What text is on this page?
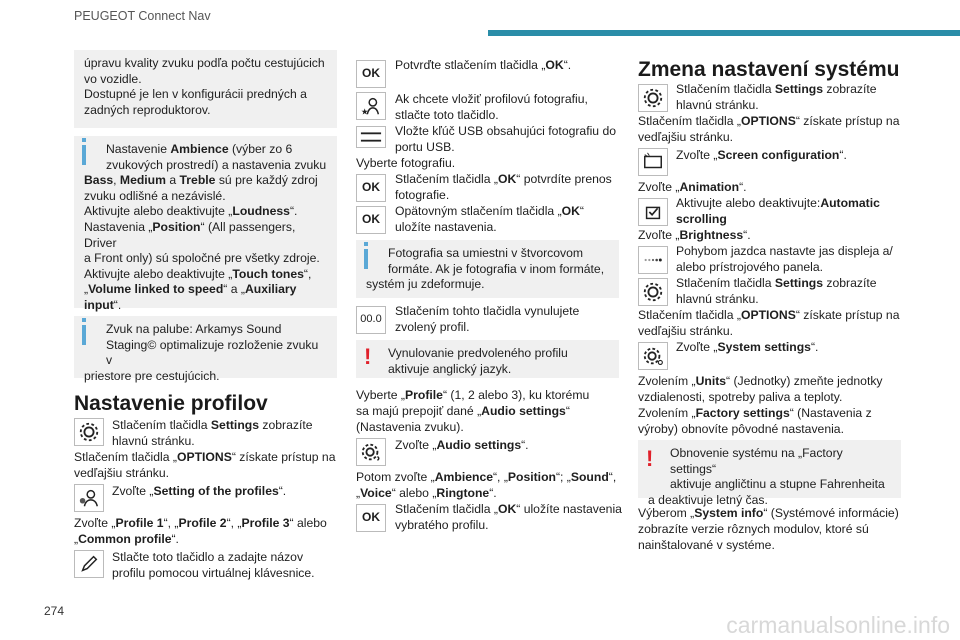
PEUGEOT Connect Nav
úpravu kvality zvuku podľa počtu cestujúcich
vo vozidle.
Dostupné je len v konfigurácii predných a
zadných reproduktorov.
Nastavenie Ambience (výber zo 6
zvukových prostredí) a nastavenia zvuku
Bass, Medium a Treble sú pre každý zdroj
zvuku odlišné a nezávislé.
Aktivujte alebo deaktivujte „Loudness“.
Nastavenia „Position“ (All passengers, Driver
a Front only) sú spoločné pre všetky zdroje.
Aktivujte alebo deaktivujte „Touch tones“,
„Volume linked to speed“ a „Auxiliary
input“.
Zvuk na palube: Arkamys Sound
Staging© optimalizuje rozloženie zvuku v
priestore pre cestujúcich.
Nastavenie profilov
Stlačením tlačidla Settings zobrazíte
hlavnú stránku.
Stlačením tlačidla „OPTIONS“ získate prístup na
vedľajšiu stránku.
Zvoľte „Setting of the profiles“.
Zvoľte „Profile 1“, „Profile 2“, „Profile 3“ alebo
„Common profile“.
Stlačte toto tlačidlo a zadajte názov
profilu pomocou virtuálnej klávesnice.
OK
Potvrďte stlačením tlačidla „OK“.
★
Ak chcete vložiť profilovú fotografiu,
stlačte toto tlačidlo.
Vložte kľúč USB obsahujúci fotografiu do
portu USB.
Vyberte fotografiu.
OK
Stlačením tlačidla „OK“ potvrdíte prenos
fotografie.
OK
Opätovným stlačením tlačidla „OK“
uložíte nastavenia.
Fotografia sa umiestni v štvorcovom
formáte. Ak je fotografia v inom formáte,
systém ju zdeformuje.
00.0
Stlačením tohto tlačidla vynulujete
zvolený profil.
!	Vynulovanie predvoleného profilu
aktivuje anglický jazyk.
Vyberte „Profile“ (1, 2 alebo 3), ku ktorému
sa majú prepojiť dané „Audio settings“
(Nastavenia zvuku).
Zvoľte „Audio settings“.
Potom zvoľte „Ambience“, „Position“; „Sound“,
„Voice“ alebo „Ringtone“.
OK
Stlačením tlačidla „OK“ uložíte nastavenia
vybratého profilu.
Zmena nastavení systému
Stlačením tlačidla Settings zobrazíte
hlavnú stránku.
Stlačením tlačidla „OPTIONS“ získate prístup na
vedľajšiu stránku.
Zvoľte „Screen configuration“.
Zvoľte „Animation“.
Aktivujte alebo deaktivujte:Automatic
scrolling
Zvoľte „Brightness“.
Pohybom jazdca nastavte jas displeja a/
alebo prístrojového panela.
Stlačením tlačidla Settings zobrazíte
hlavnú stránku.
Stlačením tlačidla „OPTIONS“ získate prístup na
vedľajšiu stránku.
Zvoľte „System settings“.
Zvolením „Units“ (Jednotky) zmeňte jednotky
vzdialenosti, spotreby paliva a teploty.
Zvolením „Factory settings“ (Nastavenia z
výroby) obnovíte pôvodné nastavenia.
!	Obnovenie systému na „Factory settings“
aktivuje angličtinu a stupne Fahrenheita
a deaktivuje letný čas.
Výberom „System info“ (Systémové informácie)
zobrazíte verzie rôznych modulov, ktoré sú
nainštalované v systéme.
274
carmanualsonline.info
